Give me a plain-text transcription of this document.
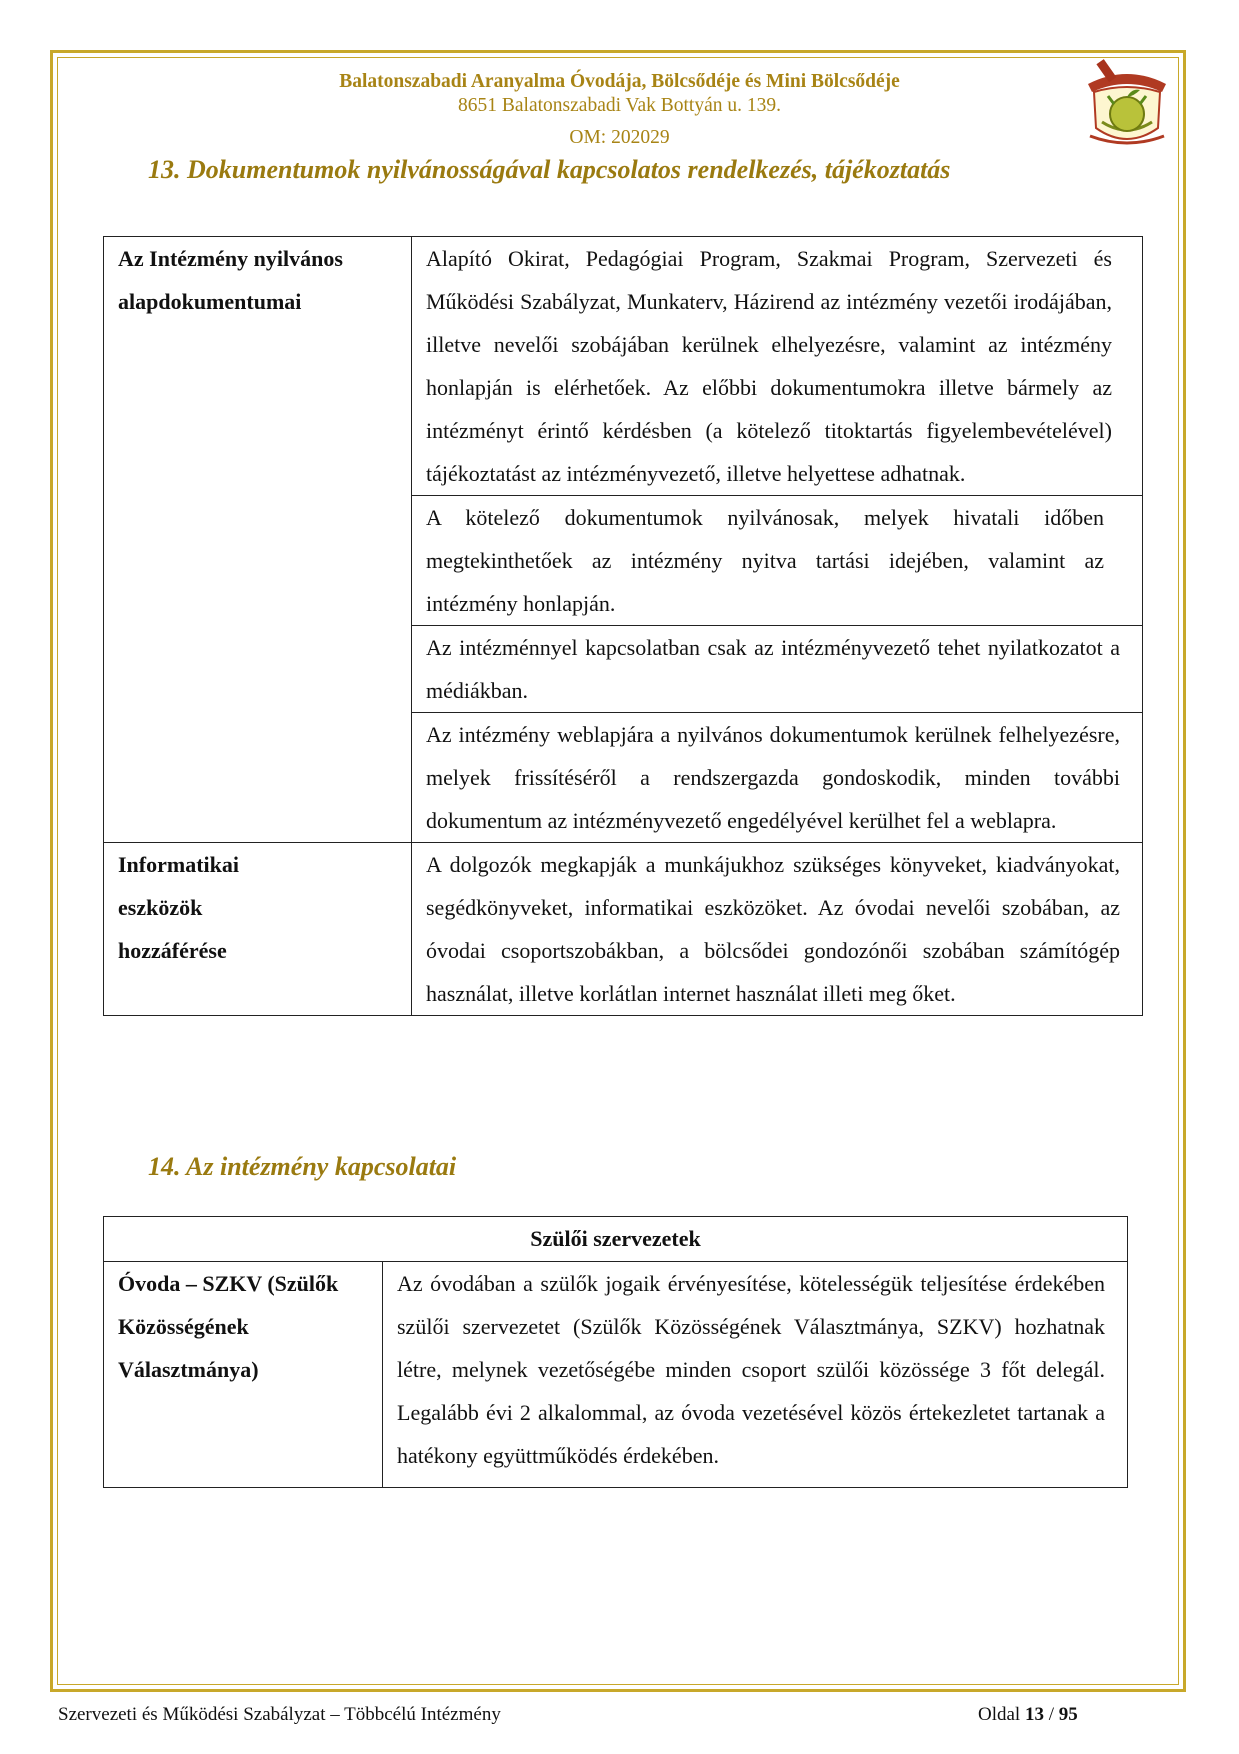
Balatonszabadi Aranyalma Óvodája, Bölcsődéje és Mini Bölcsődéje
8651 Balatonszabadi Vak Bottyán u. 139.
OM: 202029
13. Dokumentumok nyilvánosságával kapcsolatos rendelkezés, tájékoztatás
Az Intézmény nyilvános alapdokumentumai	Alapító Okirat, Pedagógiai Program, Szakmai Program, Szervezeti és Működési Szabályzat, Munkaterv, Házirend az intézmény vezetői irodájában, illetve nevelői szobájában kerülnek elhelyezésre, valamint az intézmény honlapján is elérhetőek. Az előbbi dokumentumokra illetve bármely az intézményt érintő kérdésben (a kötelező titoktartás figyelembevételével) tájékoztatást az intézményvezető, illetve helyettese adhatnak.
	A kötelező dokumentumok nyilvánosak, melyek hivatali időben megtekinthetőek az intézmény nyitva tartási idejében, valamint az intézmény honlapján.
	Az intézménnyel kapcsolatban csak az intézményvezető tehet nyilatkozatot a médiákban.
	Az intézmény weblapjára a nyilvános dokumentumok kerülnek felhelyezésre, melyek frissítéséről a rendszergazda gondoskodik, minden további dokumentum az intézményvezető engedélyével kerülhet fel a weblapra.
Informatikai eszközök hozzáférése	A dolgozók megkapják a munkájukhoz szükséges könyveket, kiadványokat, segédkönyveket, informatikai eszközöket. Az óvodai nevelői szobában, az óvodai csoportszobákban, a bölcsődei gondozónői szobában számítógép használat, illetve korlátlan internet használat illeti meg őket.
14. Az intézmény kapcsolatai
Szülői szervezetek
Óvoda – SZKV (Szülők Közösségének Választmánya)	Az óvodában a szülők jogaik érvényesítése, kötelességük teljesítése érdekében szülői szervezetet (Szülők Közösségének Választmánya, SZKV) hozhatnak létre, melynek vezetőségébe minden csoport szülői közössége 3 főt delegál. Legalább évi 2 alkalommal, az óvoda vezetésével közös értekezletet tartanak a hatékony együttműködés érdekében.
Szervezeti és Működési Szabályzat – Többcélú Intézmény	Oldal 13 / 95
